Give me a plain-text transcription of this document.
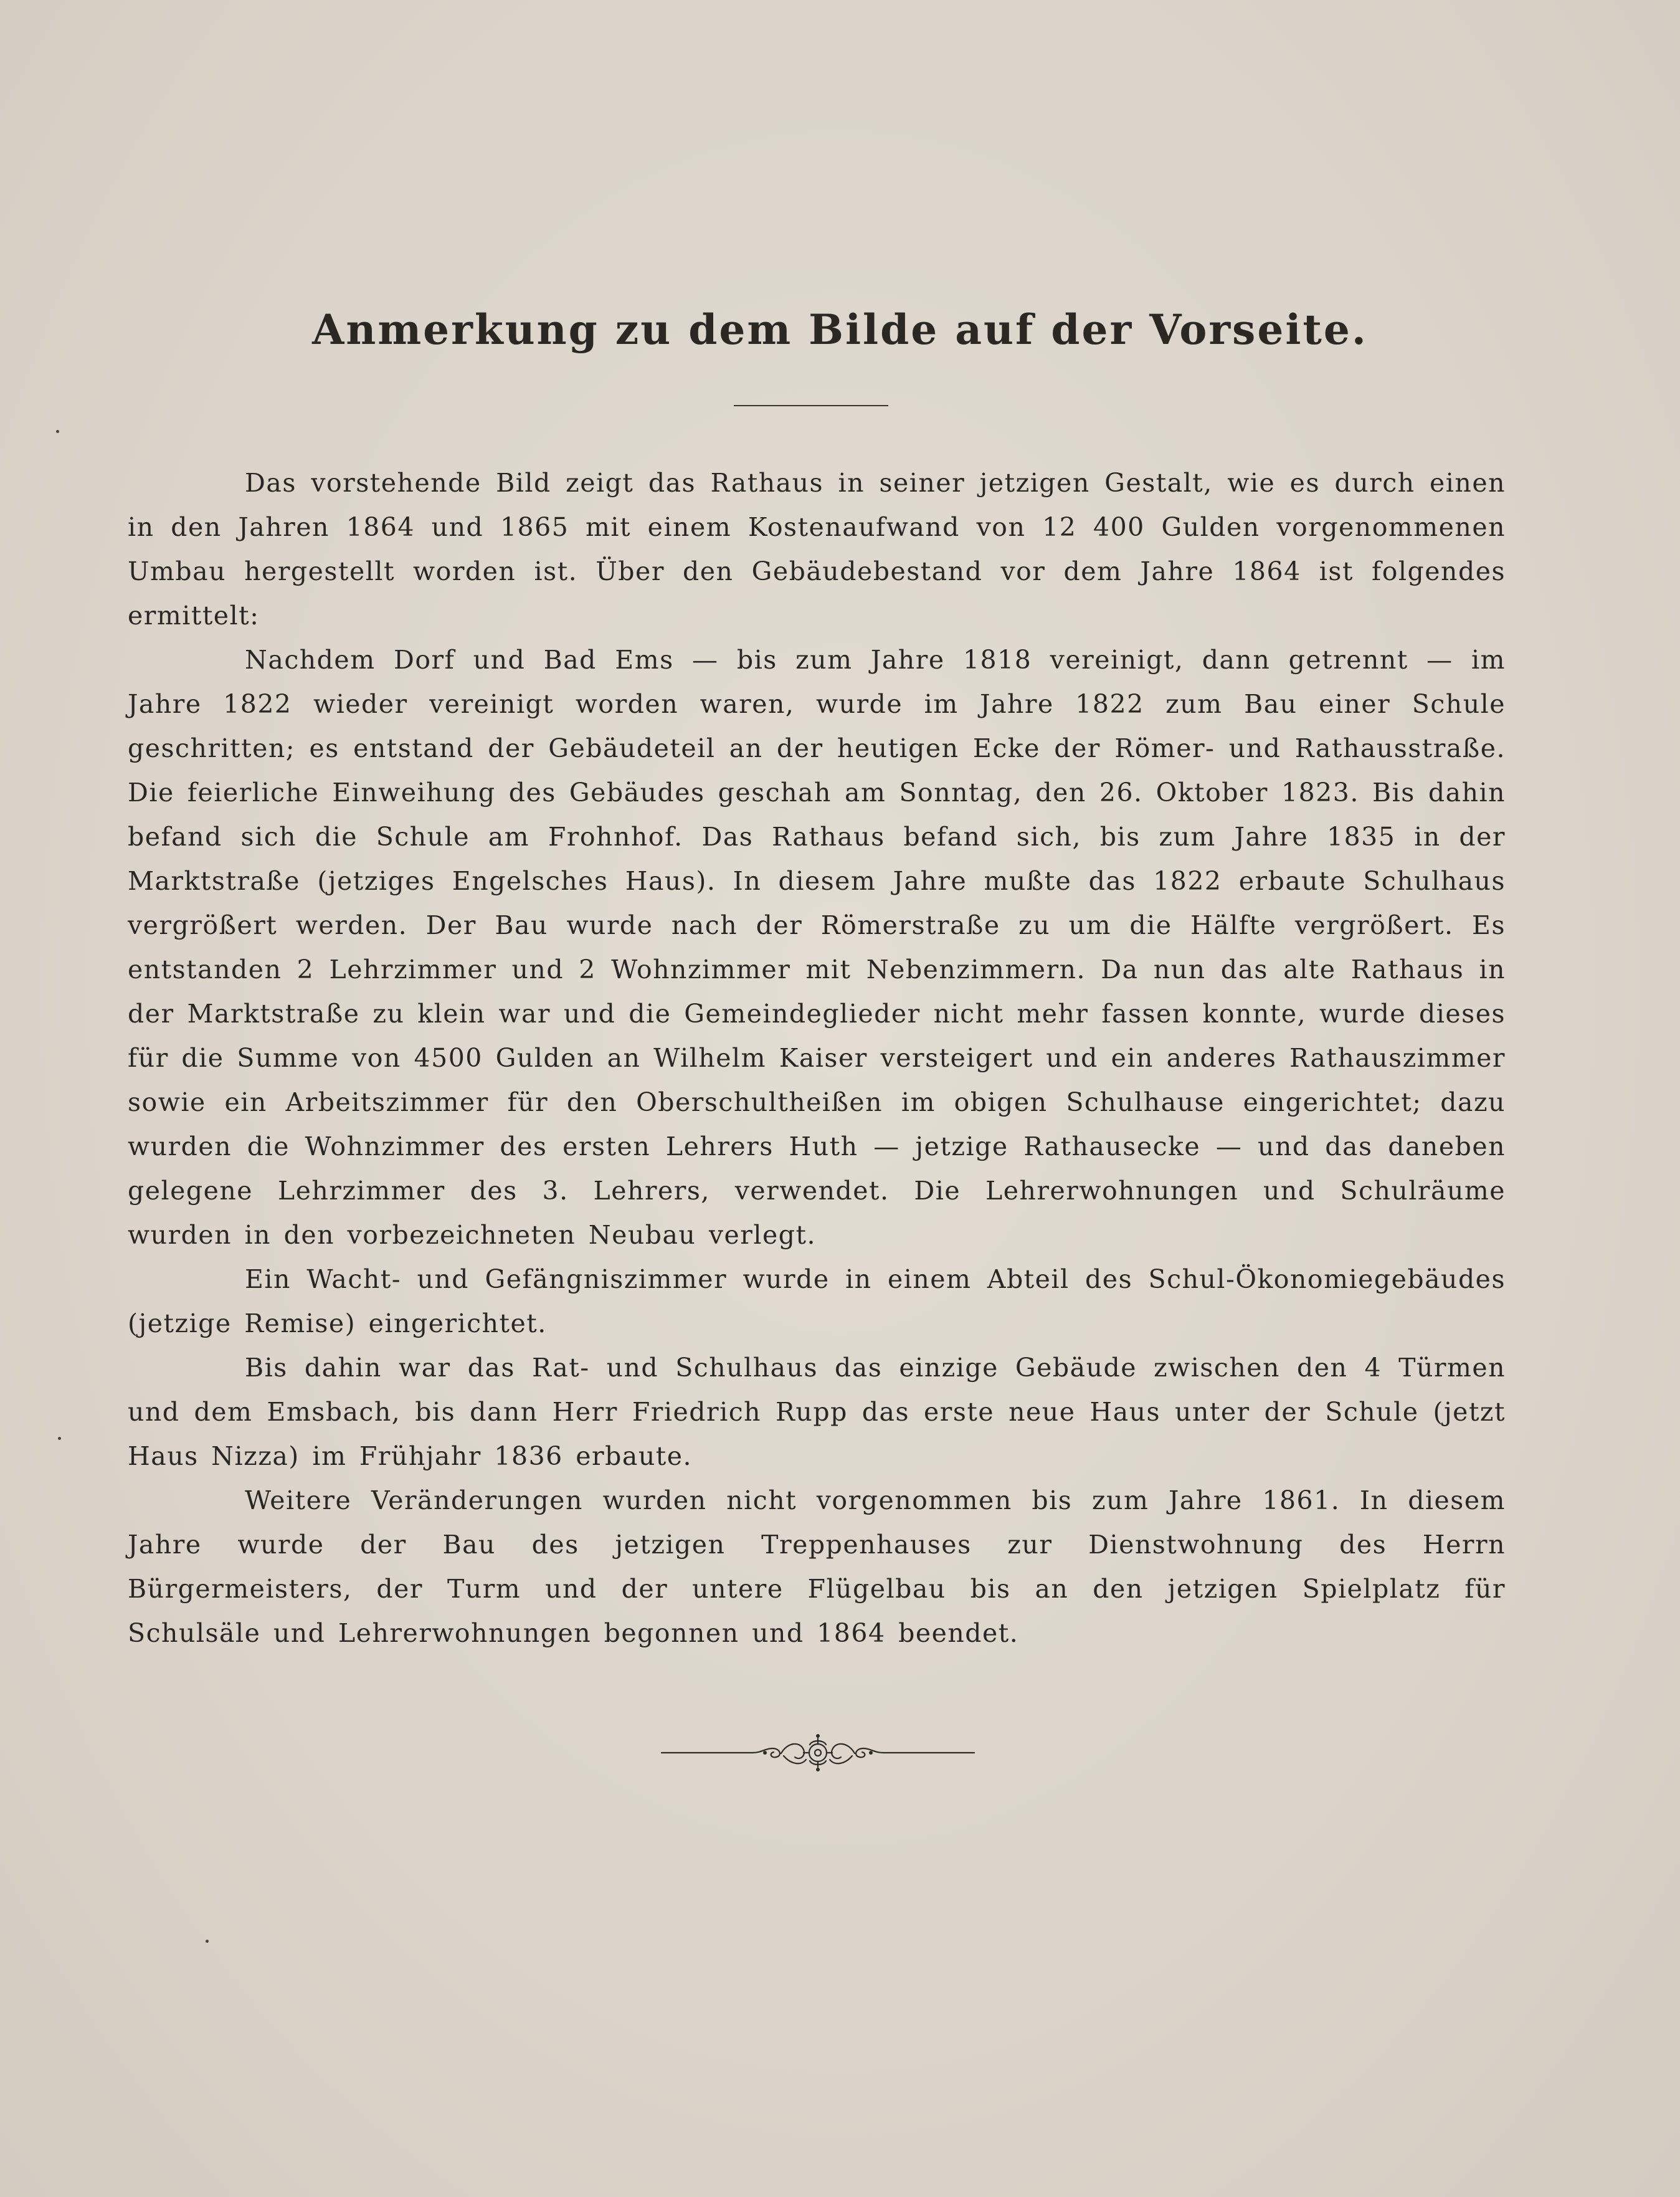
Anmerkung zu dem Bilde auf der Vorseite.

Das vorstehende Bild zeigt das Rathaus in seiner jetzigen Gestalt, wie es durch einen in den Jahren 1864 und 1865 mit einem Kostenaufwand von 12 400 Gulden vorgenommenen Umbau hergestellt worden ist. Über den Gebäudebestand vor dem Jahre 1864 ist folgendes ermittelt:

Nachdem Dorf und Bad Ems — bis zum Jahre 1818 vereinigt, dann getrennt — im Jahre 1822 wieder vereinigt worden waren, wurde im Jahre 1822 zum Bau einer Schule geschritten; es entstand der Gebäudeteil an der heutigen Ecke der Römer- und Rathausstraße. Die feierliche Einweihung des Gebäudes geschah am Sonntag, den 26. Oktober 1823. Bis dahin befand sich die Schule am Frohnhof. Das Rathaus befand sich, bis zum Jahre 1835 in der Marktstraße (jetziges Engelsches Haus). In diesem Jahre mußte das 1822 erbaute Schulhaus vergrößert werden. Der Bau wurde nach der Römerstraße zu um die Hälfte vergrößert. Es entstanden 2 Lehrzimmer und 2 Wohnzimmer mit Nebenzimmern. Da nun das alte Rathaus in der Marktstraße zu klein war und die Gemeindeglieder nicht mehr fassen konnte, wurde dieses für die Summe von 4500 Gulden an Wilhelm Kaiser versteigert und ein anderes Rathauszimmer sowie ein Arbeitszimmer für den Oberschultheißen im obigen Schulhause eingerichtet; dazu wurden die Wohnzimmer des ersten Lehrers Huth — jetzige Rathausecke — und das daneben gelegene Lehrzimmer des 3. Lehrers, verwendet. Die Lehrerwohnungen und Schulräume wurden in den vorbezeichneten Neubau verlegt.

Ein Wacht- und Gefängniszimmer wurde in einem Abteil des Schul-Ökonomiegebäudes (jetzige Remise) eingerichtet.

Bis dahin war das Rat- und Schulhaus das einzige Gebäude zwischen den 4 Türmen und dem Emsbach, bis dann Herr Friedrich Rupp das erste neue Haus unter der Schule (jetzt Haus Nizza) im Frühjahr 1836 erbaute.

Weitere Veränderungen wurden nicht vorgenommen bis zum Jahre 1861. In diesem Jahre wurde der Bau des jetzigen Treppenhauses zur Dienstwohnung des Herrn Bürgermeisters, der Turm und der untere Flügelbau bis an den jetzigen Spielplatz für Schulsäle und Lehrerwohnungen begonnen und 1864 beendet.
